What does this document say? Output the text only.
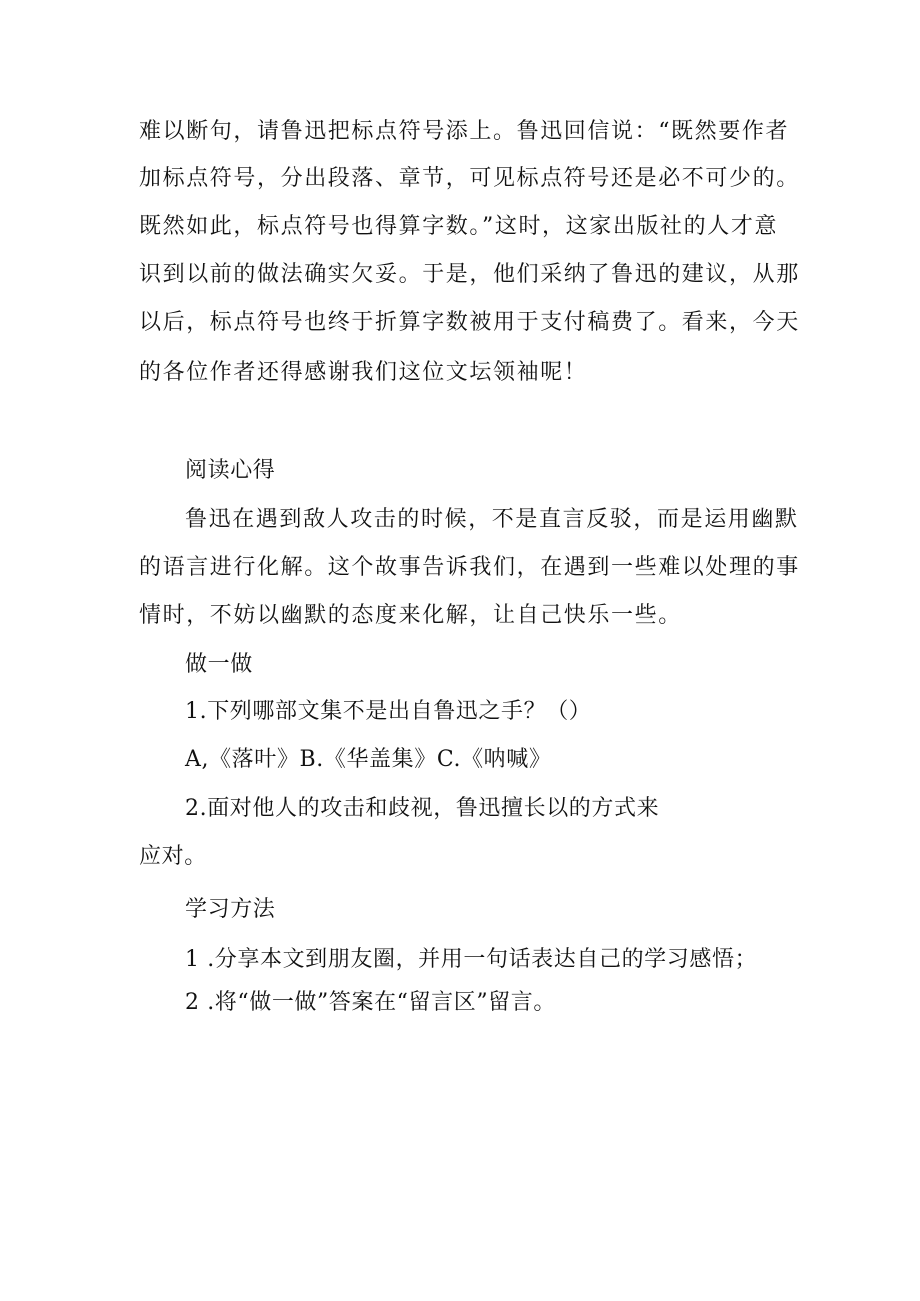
难以断句，请鲁迅把标点符号添上。鲁迅回信说：“既然要作者
加标点符号，分出段落、章节，可见标点符号还是必不可少的。
既然如此，标点符号也得算字数。”这时，这家出版社的人才意
识到以前的做法确实欠妥。于是，他们采纳了鲁迅的建议，从那
以后，标点符号也终于折算字数被用于支付稿费了。看来，今天
的各位作者还得感谢我们这位文坛领袖呢！
阅读心得
鲁迅在遇到敌人攻击的时候，不是直言反驳，而是运用幽默
的语言进行化解。这个故事告诉我们，在遇到一些难以处理的事
情时，不妨以幽默的态度来化解，让自己快乐一些。
做一做
1.下列哪部文集不是出自鲁迅之手？（）
A,《落叶》B.《华盖集》C.《呐喊》
2.面对他人的攻击和歧视，鲁迅擅长以的方式来
应对。
学习方法
1 .分享本文到朋友圈，并用一句话表达自己的学习感悟；
2 .将“做一做”答案在“留言区”留言。
